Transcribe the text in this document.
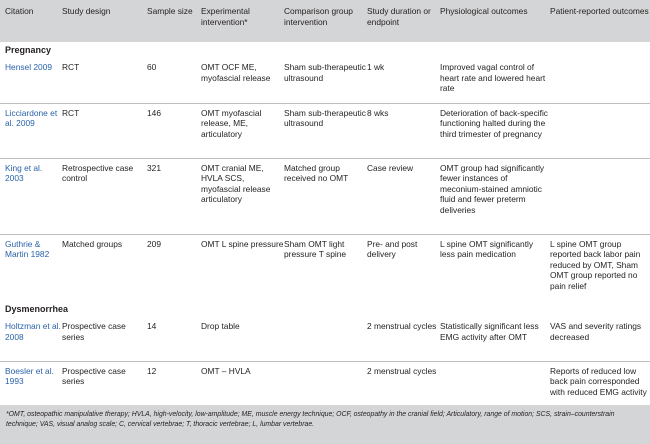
Citation	Study design	Sample size	Experimental intervention*	Comparison group intervention	Study duration or endpoint	Physiological outcomes	Patient-reported outcomes
Pregnancy							
Hensel 2009	RCT	60	OMT OCF ME, myofascial release	Sham sub-therapeutic ultrasound	1 wk	Improved vagal control of heart rate and lowered heart rate	
Licciardone et al. 2009	RCT	146	OMT myofascial release, ME, articulatory	Sham sub-therapeutic ultrasound	8 wks	Deterioration of back-specific functioning halted during the third trimester of pregnancy	
King et al. 2003	Retrospective case control	321	OMT cranial ME, HVLA SCS, myofascial release articulatory	Matched group received no OMT	Case review	OMT group had significantly fewer instances of meconium-stained amniotic fluid and fewer preterm deliveries	
Guthrie & Martin 1982	Matched groups	209	OMT L spine pressure	Sham OMT light pressure T spine	Pre- and post delivery	L spine OMT significantly less pain medication	L spine OMT group reported back labor pain reduced by OMT, Sham OMT group reported no pain relief
Dysmenorrhea							
Holtzman et al. 2008	Prospective case series	14	Drop table		2 menstrual cycles	Statistically significant less EMG activity after OMT	VAS and severity ratings decreased
Boesler et al. 1993	Prospective case series	12	OMT – HVLA		2 menstrual cycles		Reports of reduced low back pain corresponded with reduced EMG activity
*OMT, osteopathic manipulative therapy; HVLA, high-velocity, low-amplitude; ME, muscle energy technique; OCF, osteopathy in the cranial field; Articulatory, range of motion; SCS, strain–counterstrain technique; VAS, visual analog scale; C, cervical vertebrae; T, thoracic vertebrae; L, lumbar vertebrae.
